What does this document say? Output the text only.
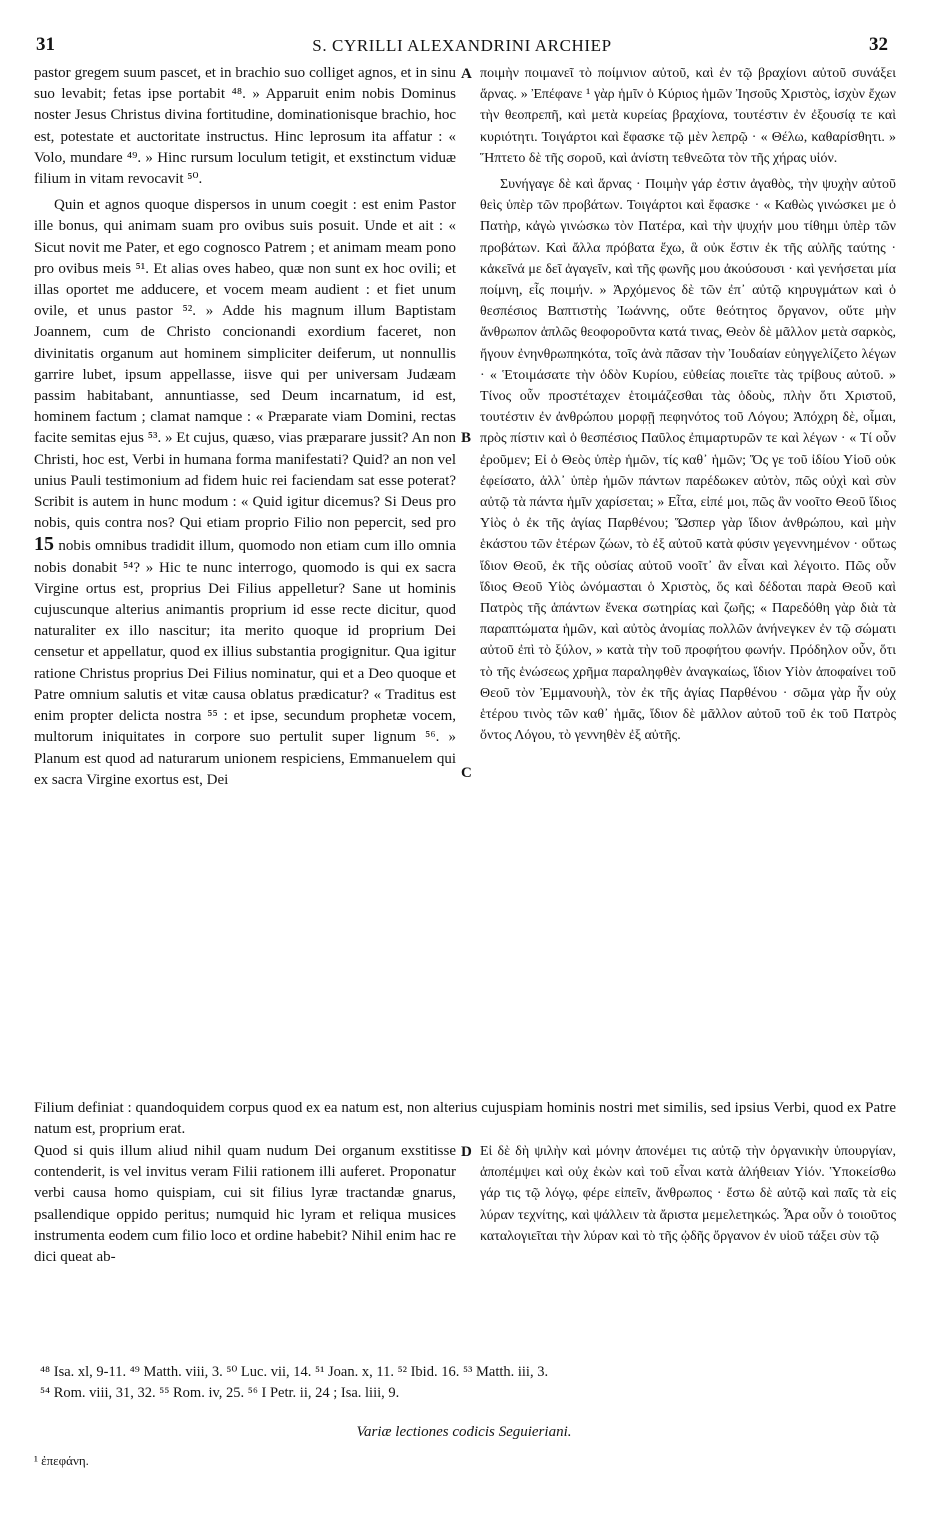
31	S. CYRILLI ALEXANDRINI ARCHIEP	32

pastor gregem suum pascet, et in brachio suo colliget agnos, et in sinu suo levabit; fetas ipse portabit ⁴⁸. » Apparuit enim nobis Dominus noster Jesus Christus divina fortitudine, dominationisque brachio, hoc est, potestate et auctoritate instructus. Hinc leprosum ita affatur : « Volo, mundare ⁴⁹. » Hinc rursum loculum tetigit, et exstinctum viduæ filium in vitam revocavit ⁵⁰.

Quin et agnos quoque dispersos in unum coegit : est enim Pastor ille bonus, qui animam suam pro ovibus suis posuit. Unde et ait : « Sicut novit me Pater, et ego cognosco Patrem ; et animam meam pono pro ovibus meis ⁵¹. Et alias oves habeo, quæ non sunt ex hoc ovili; et illas oportet me adducere, et vocem meam audient : et fiet unum ovile, et unus pastor ⁵². » Adde his magnum illum Baptistam Joannem, cum de Christo concionandi exordium faceret, non divinitatis organum aut hominem simpliciter deiferum, ut nonnullis garrire lubet, ipsum appellasse, iisve qui per universam Judæam passim habitabant, annuntiasse, sed Deum incarnatum, id est, hominem factum ; clamat namque : « Præparate viam Domini, rectas facite semitas ejus ⁵³. » Et cujus, quæso, vias præparare jussit? An non Christi, hoc est, Verbi in humana forma manifestati? Quid? an non vel unius Pauli testimonium ad fidem huic rei faciendam sat esse poterat? Scribit is autem in hunc modum : « Quid igitur dicemus? Si Deus pro nobis, quis contra nos? Qui etiam proprio Filio non pepercit, sed pro 15 nobis omnibus tradidit illum, quomodo non etiam cum illo omnia nobis donabit ⁵⁴? » Hic te nunc interrogo, quomodo is qui ex sacra Virgine ortus est, proprius Dei Filius appelletur? Sane ut hominis cujuscunque alterius animantis proprium id esse recte dicitur, quod naturaliter ex illo nascitur; ita merito quoque id proprium Dei censetur et appellatur, quod ex illius substantia progignitur. Qua igitur ratione Christus proprius Dei Filius nominatur, qui et a Deo quoque et Patre omnium salutis et vitæ causa oblatus prædicatur? « Traditus est enim propter delicta nostra ⁵⁵ : et ipse, secundum prophetæ vocem, multorum iniquitates in corpore suo pertulit super lignum ⁵⁶. » Planum est quod ad naturarum unionem respiciens, Emmanuelem qui ex sacra Virgine exortus est, Dei

ποιμὴν ποιμανεῖ τὸ ποίμνιον αὐτοῦ, καὶ ἐν τῷ βραχίονι αὐτοῦ συνάξει ἄρνας. » Ἐπέφανε ¹ γὰρ ἡμῖν ὁ Κύριος ἡμῶν Ἰησοῦς Χριστὸς, ἰσχὺν ἔχων τὴν θεοπρεπῆ, καὶ μετὰ κυρείας βραχίονα, τουτέστιν ἐν ἐξουσίᾳ τε καὶ κυριότητι. Τοιγάρτοι καὶ ἔφασκε τῷ μὲν λεπρῷ · « Θέλω, καθαρίσθητι. » Ἥπτετο δὲ τῆς σοροῦ, καὶ ἀνίστη τεθνεῶτα τὸν τῆς χήρας υἱόν.

Συνήγαγε δὲ καὶ ἄρνας · Ποιμὴν γάρ ἐστιν ἀγαθὸς, τὴν ψυχὴν αὐτοῦ θεὶς ὑπὲρ τῶν προβάτων. Τοιγάρτοι καὶ ἔφασκε · « Καθὼς γινώσκει με ὁ Πατὴρ, κἀγὼ γινώσκω τὸν Πατέρα, καὶ τὴν ψυχήν μου τίθημι ὑπὲρ τῶν προβάτων. Καὶ ἄλλα πρόβατα ἔχω, ἃ οὐκ ἔστιν ἐκ τῆς αὐλῆς ταύτης · κἀκεῖνά με δεῖ ἀγαγεῖν, καὶ τῆς φωνῆς μου ἀκούσουσι · καὶ γενήσεται μία ποίμνη, εἷς ποιμήν. » Ἀρχόμενος δὲ τῶν ἐπ᾽ αὐτῷ κηρυγμάτων καὶ ὁ θεσπέσιος Βαπτιστὴς Ἰωάννης, οὔτε θεότητος ὄργανον, οὔτε μὴν ἄνθρωπον ἁπλῶς θεοφοροῦντα κατά τινας, Θεὸν δὲ μᾶλλον μετὰ σαρκὸς, ἤγουν ἐνηνθρωπηκότα, τοῖς ἀνὰ πᾶσαν τὴν Ἰουδαίαν εὐηγγελίζετο λέγων · « Ἑτοιμάσατε τὴν ὁδὸν Κυρίου, εὐθείας ποιεῖτε τὰς τρίβους αὐτοῦ. » Τίνος οὖν προστέταχεν ἑτοιμάζεσθαι τὰς ὁδοὺς, πλὴν ὅτι Χριστοῦ, τουτέστιν ἐν ἀνθρώπου μορφῇ πεφηνότος τοῦ Λόγου; Ἀπόχρη δὲ, οἶμαι, πρὸς πίστιν καὶ ὁ θεσπέσιος Παῦλος ἐπιμαρτυρῶν τε καὶ λέγων · « Τί οὖν ἐροῦμεν; Εἰ ὁ Θεὸς ὑπὲρ ἡμῶν, τίς καθ᾽ ἡμῶν; Ὅς γε τοῦ ἰδίου Υἱοῦ οὐκ ἐφείσατο, ἀλλ᾽ ὑπὲρ ἡμῶν πάντων παρέδωκεν αὐτὸν, πῶς οὐχὶ καὶ σὺν αὐτῷ τὰ πάντα ἡμῖν χαρίσεται; » Εἶτα, εἰπέ μοι, πῶς ἂν νοοῖτο Θεοῦ ἴδιος Υἱὸς ὁ ἐκ τῆς ἁγίας Παρθένου; Ὥσπερ γὰρ ἴδιον ἀνθρώπου, καὶ μὴν ἑκάστου τῶν ἑτέρων ζώων, τὸ ἐξ αὐτοῦ κατὰ φύσιν γεγεννημένον · οὕτως ἴδιον Θεοῦ, ἐκ τῆς οὐσίας αὐτοῦ νοοῖτ᾽ ἂν εἶναι καὶ λέγοιτο. Πῶς οὖν ἴδιος Θεοῦ Υἱὸς ὠνόμασται ὁ Χριστὸς, ὅς καὶ δέδοται παρὰ Θεοῦ καὶ Πατρὸς τῆς ἁπάντων ἕνεκα σωτηρίας καὶ ζωῆς; « Παρεδόθη γὰρ διὰ τὰ παραπτώματα ἡμῶν, καὶ αὐτὸς ἀνομίας πολλῶν ἀνήνεγκεν ἐν τῷ σώματι αὐτοῦ ἐπὶ τὸ ξύλον, » κατὰ τὴν τοῦ προφήτου φωνήν. Πρόδηλον οὖν, ὅτι τὸ τῆς ἑνώσεως χρῆμα παραληφθὲν ἀναγκαίως, ἴδιον Υἱὸν ἀποφαίνει τοῦ Θεοῦ τὸν Ἐμμανουὴλ, τὸν ἐκ τῆς ἁγίας Παρθένου · σῶμα γὰρ ἦν οὐχ ἑτέρου τινὸς τῶν καθ᾽ ἡμᾶς, ἴδιον δὲ μᾶλλον αὐτοῦ τοῦ ἐκ τοῦ Πατρὸς ὄντος Λόγου, τὸ γεννηθὲν ἐξ αὐτῆς.

A
B
C
D
Filium definiat : quandoquidem corpus quod ex ea natum est, non alterius cujuspiam hominis nostri met similis, sed ipsius Verbi, quod ex Patre natum est, proprium erat.
Quod si quis illum aliud nihil quam nudum Dei organum exstitisse contenderit, is vel invitus veram Filii rationem illi auferet. Proponatur verbi causa homo quispiam, cui sit filius lyræ tractandæ gnarus, psallendique oppido peritus; numquid hic lyram et reliqua musices instrumenta eodem cum filio loco et ordine habebit? Nihil enim hac re dici queat ab-
Εἰ δὲ δὴ ψιλὴν καὶ μόνην ἀπονέμει τις αὐτῷ τὴν ὀργανικὴν ὑπουργίαν, ἀποπέμψει καὶ οὐχ ἑκὼν καὶ τοῦ εἶναι κατὰ ἀλήθειαν Υἱόν. Ὑποκείσθω γάρ τις τῷ λόγῳ, φέρε εἰπεῖν, ἄνθρωπος · ἔστω δὲ αὐτῷ καὶ παῖς τὰ εἰς λύραν τεχνίτης, καὶ ψάλλειν τὰ ἄριστα μεμελετηκώς. Ἆρα οὖν ὁ τοιοῦτος καταλογιεῖται τὴν λύραν καὶ τὸ τῆς ᾠδῆς ὄργανον ἐν υἱοῦ τάξει σὺν τῷ
⁴⁸ Isa. xl, 9-11. ⁴⁹ Matth. viii, 3. ⁵⁰ Luc. vii, 14. ⁵¹ Joan. x, 11. ⁵² Ibid. 16. ⁵³ Matth. iii, 3.
⁵⁴ Rom. viii, 31, 32. ⁵⁵ Rom. iv, 25. ⁵⁶ I Petr. ii, 24 ; Isa. liii, 9.
Variæ lectiones codicis Seguieriani.
¹ ἐπεφάνη.
